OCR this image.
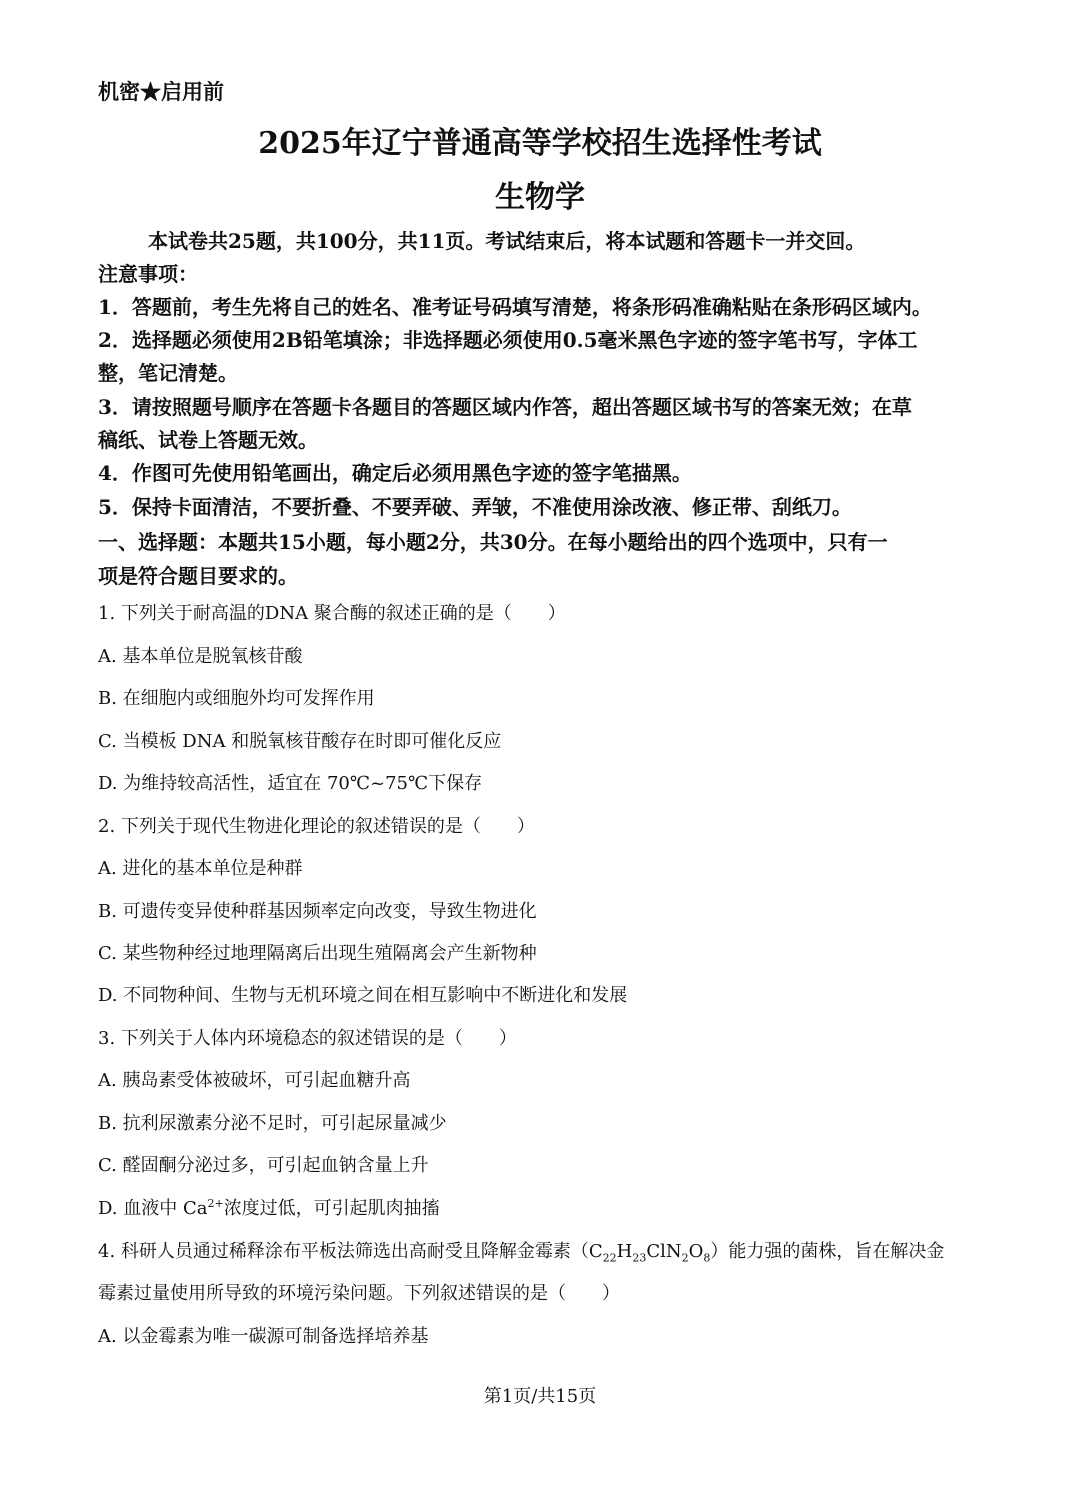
机密★启用前
2025年辽宁普通高等学校招生选择性考试
生物学
本试卷共25题，共100分，共11页。考试结束后，将本试题和答题卡一并交回。
注意事项：
1．答题前，考生先将自己的姓名、准考证号码填写清楚，将条形码准确粘贴在条形码区域内。
2．选择题必须使用2B铅笔填涂；非选择题必须使用0.5毫米黑色字迹的签字笔书写，字体工
整，笔记清楚。
3．请按照题号顺序在答题卡各题目的答题区域内作答，超出答题区域书写的答案无效；在草
稿纸、试卷上答题无效。
4．作图可先使用铅笔画出，确定后必须用黑色字迹的签字笔描黑。
5．保持卡面清洁，不要折叠、不要弄破、弄皱，不准使用涂改液、修正带、刮纸刀。
一、选择题：本题共15小题，每小题2分，共30分。在每小题给出的四个选项中，只有一
项是符合题目要求的。
1. 下列关于耐高温的DNA 聚合酶的叙述正确的是（　　）
A. 基本单位是脱氧核苷酸
B. 在细胞内或细胞外均可发挥作用
C. 当模板 DNA 和脱氧核苷酸存在时即可催化反应
D. 为维持较高活性，适宜在 70℃~75℃下保存
2. 下列关于现代生物进化理论的叙述错误的是（　　）
A. 进化的基本单位是种群
B. 可遗传变异使种群基因频率定向改变，导致生物进化
C. 某些物种经过地理隔离后出现生殖隔离会产生新物种
D. 不同物种间、生物与无机环境之间在相互影响中不断进化和发展
3. 下列关于人体内环境稳态的叙述错误的是（　　）
A. 胰岛素受体被破坏，可引起血糖升高
B. 抗利尿激素分泌不足时，可引起尿量减少
C. 醛固酮分泌过多，可引起血钠含量上升
D. 血液中 $Ca^{2+}$浓度过低，可引起肌肉抽搐
4. 科研人员通过稀释涂布平板法筛选出高耐受且降解金霉素$(C_{22}H_{23}ClN_2O_8)$能力强的菌株，旨在解决金
霉素过量使用所导致的环境污染问题。下列叙述错误的是（　　）
A. 以金霉素为唯一碳源可制备选择培养基
第1页/共15页
